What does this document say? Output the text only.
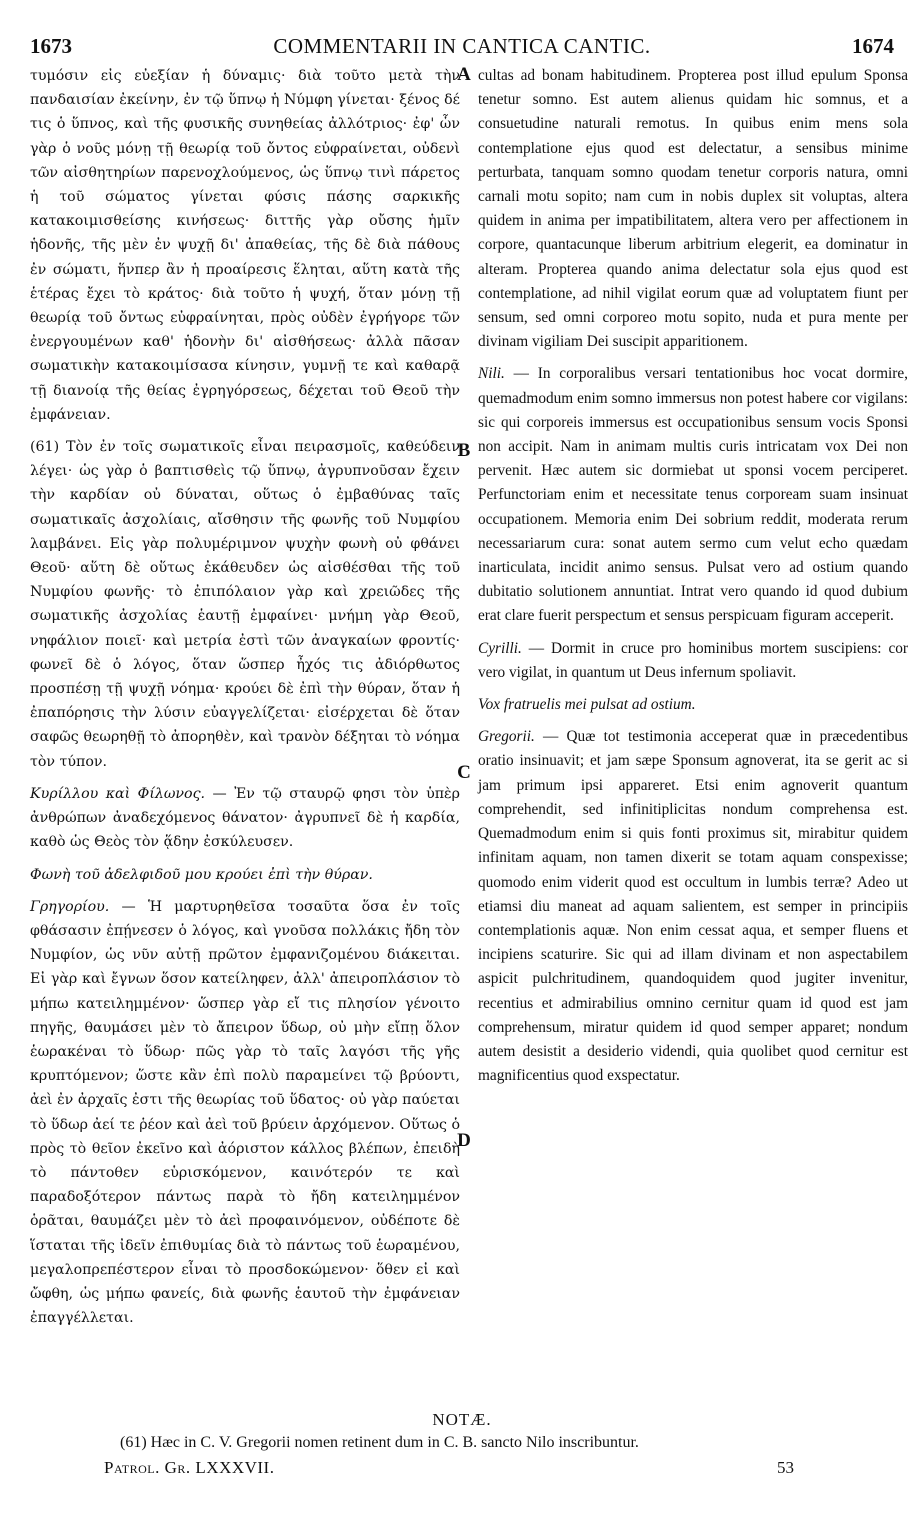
1673	COMMENTARII IN CANTICA CANTIC.	1674

τυμόσιν εἰς εὐεξίαν ἡ δύναμις· διὰ τοῦτο μετὰ τὴν πανδαισίαν ἐκείνην, ἐν τῷ ὕπνῳ ἡ Νύμφη γίνεται· ξένος δέ τις ὁ ὕπνος, καὶ τῆς φυσικῆς συνηθείας ἀλλότριος· ἐφ' ὧν γὰρ ὁ νοῦς μόνῃ τῇ θεωρίᾳ τοῦ ὄντος εὐφραίνεται, οὐδενὶ τῶν αἰσθητηρίων παρενοχλούμενος, ὡς ὕπνῳ τινὶ πάρετος ἡ τοῦ σώματος γίνεται φύσις πάσης σαρκικῆς κατακοιμισθείσης κινήσεως· διττῆς γὰρ οὔσης ἡμῖν ἡδονῆς, τῆς μὲν ἐν ψυχῇ δι' ἀπαθείας, τῆς δὲ διὰ πάθους ἐν σώματι, ἥνπερ ἂν ἡ προαίρεσις ἕληται, αὕτη κατὰ τῆς ἑτέρας ἔχει τὸ κράτος· διὰ τοῦτο ἡ ψυχή, ὅταν μόνῃ τῇ θεωρίᾳ τοῦ ὄντως εὐφραίνηται, πρὸς οὐδὲν ἐγρήγορε τῶν ἐνεργουμένων καθ' ἡδονὴν δι' αἰσθήσεως· ἀλλὰ πᾶσαν σωματικὴν κατακοιμίσασα κίνησιν, γυμνῇ τε καὶ καθαρᾷ τῇ διανοίᾳ τῆς θείας ἐγρηγόρσεως, δέχεται τοῦ Θεοῦ τὴν ἐμφάνειαν.

(61) Τὸν ἐν τοῖς σωματικοῖς εἶναι πειρασμοῖς, καθεύδειν λέγει· ὡς γὰρ ὁ βαπτισθεὶς τῷ ὕπνῳ, ἀγρυπνοῦσαν ἔχειν τὴν καρδίαν οὐ δύναται, οὕτως ὁ ἐμβαθύνας ταῖς σωματικαῖς ἀσχολίαις, αἴσθησιν τῆς φωνῆς τοῦ Νυμφίου λαμβάνει. Εἰς γὰρ πολυμέριμνον ψυχὴν φωνὴ οὐ φθάνει Θεοῦ· αὕτη δὲ οὕτως ἐκάθευδεν ὡς αἰσθέσθαι τῆς τοῦ Νυμφίου φωνῆς· τὸ ἐπιπόλαιον γὰρ καὶ χρειῶδες τῆς σωματικῆς ἀσχολίας ἑαυτῇ ἐμφαίνει· μνήμη γὰρ Θεοῦ, νηφάλιον ποιεῖ· καὶ μετρία ἐστὶ τῶν ἀναγκαίων φροντίς· φωνεῖ δὲ ὁ λόγος, ὅταν ὥσπερ ἦχός τις ἀδιόρθωτος προσπέσῃ τῇ ψυχῇ νόημα· κρούει δὲ ἐπὶ τὴν θύραν, ὅταν ἡ ἐπαπόρησις τὴν λύσιν εὐαγγελίζεται· εἰσέρχεται δὲ ὅταν σαφῶς θεωρηθῇ τὸ ἀπορηθὲν, καὶ τρανὸν δέξηται τὸ νόημα τὸν τύπον.

Κυρίλλου καὶ Φίλωνος. — Ἐν τῷ σταυρῷ φησι τὸν ὑπὲρ ἀνθρώπων ἀναδεχόμενος θάνατον· ἀγρυπνεῖ δὲ ἡ καρδία, καθὸ ὡς Θεὸς τὸν ᾅδην ἐσκύλευσεν.

Φωνὴ τοῦ ἀδελφιδοῦ μου κρούει ἐπὶ τὴν θύραν.

Γρηγορίου. — Ἡ μαρτυρηθεῖσα τοσαῦτα ὅσα ἐν τοῖς φθάσασιν ἐπῄνεσεν ὁ λόγος, καὶ γνοῦσα πολλάκις ἤδη τὸν Νυμφίον, ὡς νῦν αὐτῇ πρῶτον ἐμφανιζομένου διάκειται. Εἰ γὰρ καὶ ἔγνων ὅσον κατείληφεν, ἀλλ' ἀπειροπλάσιον τὸ μήπω κατειλημμένον· ὥσπερ γὰρ εἴ τις πλησίον γένοιτο πηγῆς, θαυμάσει μὲν τὸ ἄπειρον ὕδωρ, οὐ μὴν εἴπῃ ὅλον ἑωρακέναι τὸ ὕδωρ· πῶς γὰρ τὸ ταῖς λαγόσι τῆς γῆς κρυπτόμενον; ὥστε κἂν ἐπὶ πολὺ παραμείνει τῷ βρύοντι, ἀεὶ ἐν ἀρχαῖς ἐστι τῆς θεωρίας τοῦ ὕδατος· οὐ γὰρ παύεται τὸ ὕδωρ ἀεί τε ῥέον καὶ ἀεὶ τοῦ βρύειν ἀρχόμενον. Οὕτως ὁ πρὸς τὸ θεῖον ἐκεῖνο καὶ ἀόριστον κάλλος βλέπων, ἐπειδὴ τὸ πάντοθεν εὑρισκόμενον, καινότερόν τε καὶ παραδοξότερον πάντως παρὰ τὸ ἤδη κατειλημμένον ὁρᾶται, θαυμάζει μὲν τὸ ἀεὶ προφαινόμενον, οὐδέποτε δὲ ἵσταται τῆς ἰδεῖν ἐπιθυμίας διὰ τὸ πάντως τοῦ ἑωραμένου, μεγαλοπρεπέστερον εἶναι τὸ προσδοκώμενον· ὅθεν εἰ καὶ ὤφθη, ὡς μήπω φανείς, διὰ φωνῆς ἑαυτοῦ τὴν ἐμφάνειαν ἐπαγγέλλεται.

A
B
C
D

cultas ad bonam habitudinem. Propterea post illud epulum Sponsa tenetur somno. Est autem alienus quidam hic somnus, et a consuetudine naturali remotus. In quibus enim mens sola contemplatione ejus quod est delectatur, a sensibus minime perturbata, tanquam somno quodam tenetur corporis natura, omni carnali motu sopito; nam cum in nobis duplex sit voluptas, altera quidem in anima per impatibilitatem, altera vero per affectionem in corpore, quantacunque liberum arbitrium elegerit, ea dominatur in alteram. Propterea quando anima delectatur sola ejus quod est contemplatione, ad nihil vigilat eorum quæ ad voluptatem fiunt per sensum, sed omni corporeo motu sopito, nuda et pura mente per divinam vigiliam Dei suscipit apparitionem.

Nili. — In corporalibus versari tentationibus hoc vocat dormire, quemadmodum enim somno immersus non potest habere cor vigilans: sic qui corporeis immersus est occupationibus sensum vocis Sponsi non accipit. Nam in animam multis curis intricatam vox Dei non pervenit. Hæc autem sic dormiebat ut sponsi vocem perciperet. Perfunctoriam enim et necessitate tenus corpoream suam insinuat occupationem. Memoria enim Dei sobrium reddit, moderata rerum necessariarum cura: sonat autem sermo cum velut echo quædam inarticulata, incidit animo sensus. Pulsat vero ad ostium quando dubitatio solutionem annuntiat. Intrat vero quando id quod dubium erat clare fuerit perspectum et sensus perspicuam figuram acceperit.

Cyrilli. — Dormit in cruce pro hominibus mortem suscipiens: cor vero vigilat, in quantum ut Deus infernum spoliavit.

Vox fratruelis mei pulsat ad ostium.

Gregorii. — Quæ tot testimonia acceperat quæ in præcedentibus oratio insinuavit; et jam sæpe Sponsum agnoverat, ita se gerit ac si jam primum ipsi appareret. Etsi enim agnoverit quantum comprehendit, sed infinitiplicitas nondum comprehensa est. Quemadmodum enim si quis fonti proximus sit, mirabitur quidem infinitam aquam, non tamen dixerit se totam aquam conspexisse; quomodo enim viderit quod est occultum in lumbis terræ? Adeo ut etiamsi diu maneat ad aquam salientem, est semper in principiis contemplationis aquæ. Non enim cessat aqua, et semper fluens et incipiens scaturire. Sic qui ad illam divinam et non aspectabilem aspicit pulchritudinem, quandoquidem quod jugiter invenitur, recentius et admirabilius omnino cernitur quam id quod est jam comprehensum, miratur quidem id quod semper apparet; nondum autem desistit a desiderio videndi, quia quolibet quod cernitur est magnificentius quod exspectatur.

NOTÆ.
(61) Hæc in C. V. Gregorii nomen retinent dum in C. B. sancto Nilo inscribuntur.
Patrol. Gr. LXXXVII.	53
